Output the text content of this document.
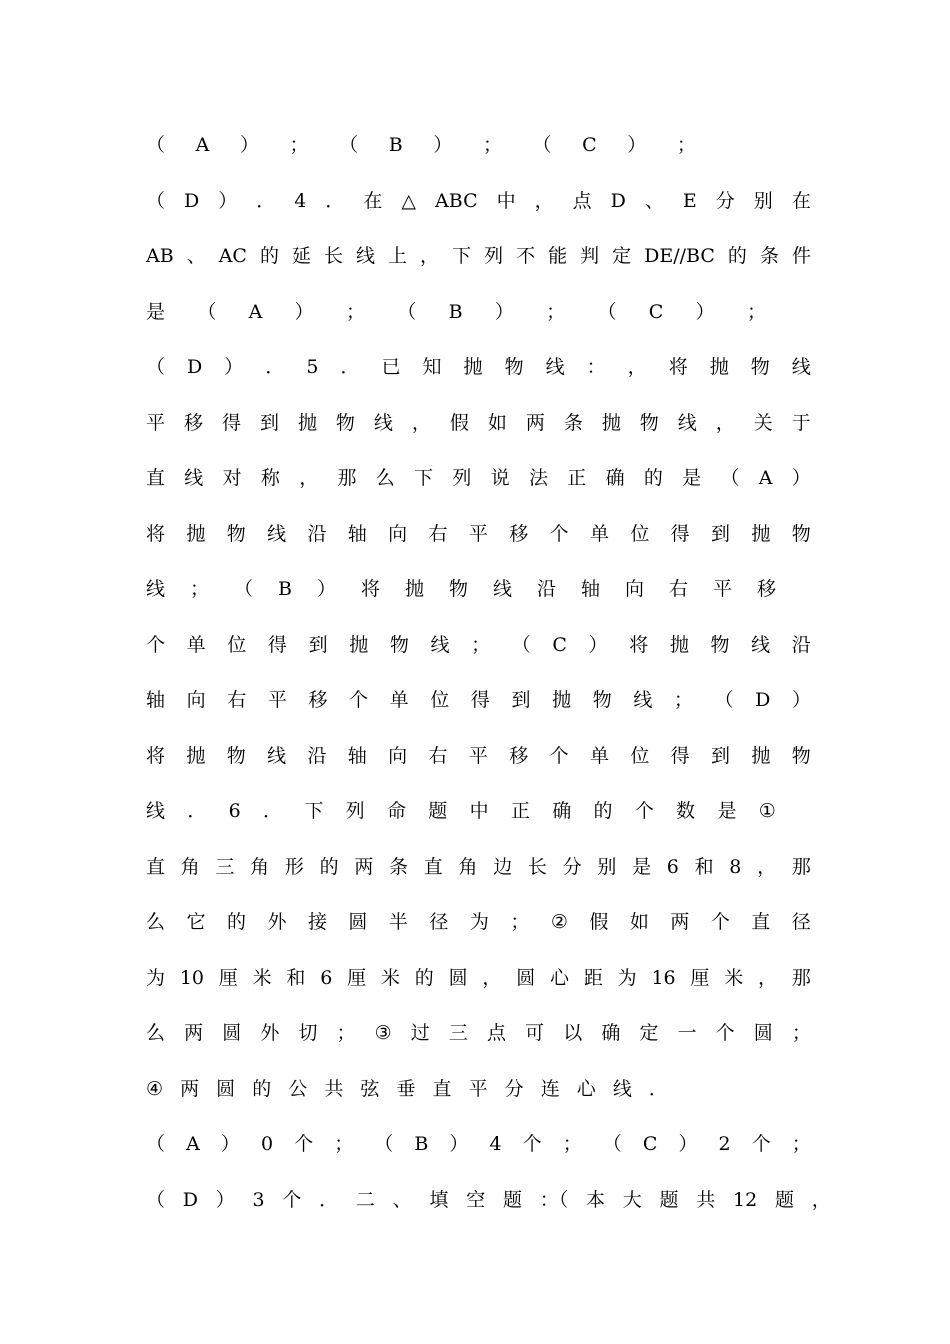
（ A ） ； （ B ） ； （ C ） ；
（ D ） ． 4 ． 在 △ ABC 中 ， 点 D 、 E 分 别 在
AB 、 AC 的 延 长 线 上 ， 下 列 不 能 判 定 DE//BC 的 条 件
是 （ A ） ； （ B ） ； （ C ） ；
（ D ） ． 5 ． 已 知 抛 物 线 ： ， 将 抛 物 线
平 移 得 到 抛 物 线 ， 假 如 两 条 抛 物 线 ， 关 于
直 线 对 称 ， 那 么 下 列 说 法 正 确 的 是 （ A ）
将 抛 物 线 沿 轴 向 右 平 移 个 单 位 得 到 抛 物
线 ； （ B ） 将 抛 物 线 沿 轴 向 右 平 移
个 单 位 得 到 抛 物 线 ； （ C ） 将 抛 物 线 沿
轴 向 右 平 移 个 单 位 得 到 抛 物 线 ； （ D ）
将 抛 物 线 沿 轴 向 右 平 移 个 单 位 得 到 抛 物
线 ． 6 ． 下 列 命 题 中 正 确 的 个 数 是 ①
直 角 三 角 形 的 两 条 直 角 边 长 分 别 是 6 和 8 ， 那
么 它 的 外 接 圆 半 径 为 ； ② 假 如 两 个 直 径
为 10 厘 米 和 6 厘 米 的 圆 ， 圆 心 距 为 16 厘 米 ， 那
么 两 圆 外 切 ； ③ 过 三 点 可 以 确 定 一 个 圆 ；
④ 两 圆 的 公 共 弦 垂 直 平 分 连 心 线 ．
（ A ） 0 个 ； （ B ） 4 个 ； （ C ） 2 个 ；
（ D ） 3 个 ． 二 、 填 空 题 ：（ 本 大 题 共 12 题 ，
